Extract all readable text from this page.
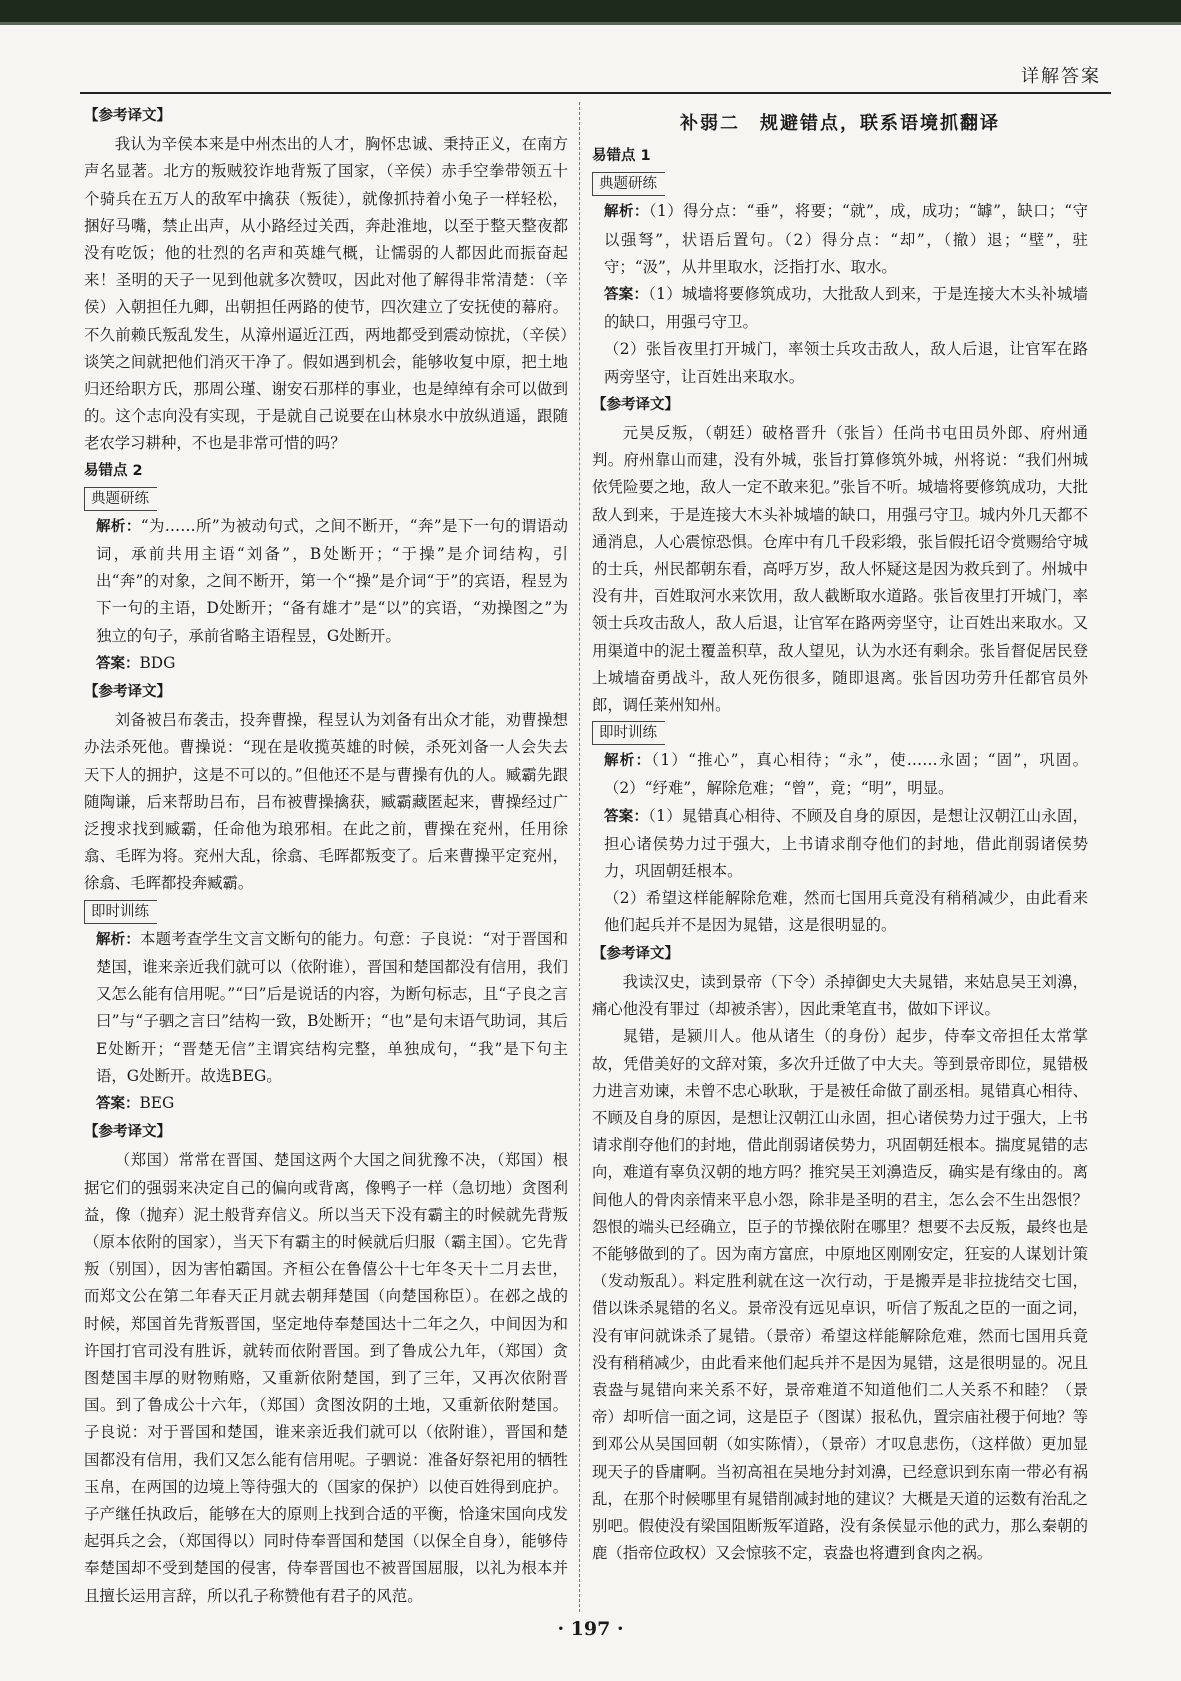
详解答案
【参考译文】

我认为辛侯本来是中州杰出的人才，胸怀忠诚、秉持正义，在南方声名显著。北方的叛贼狡诈地背叛了国家，（辛侯）赤手空拳带领五十个骑兵在五万人的敌军中擒获（叛徒），就像抓持着小兔子一样轻松，捆好马嘴，禁止出声，从小路经过关西，奔赴淮地，以至于整天整夜都没有吃饭；他的壮烈的名声和英雄气概，让懦弱的人都因此而振奋起来！圣明的天子一见到他就多次赞叹，因此对他了解得非常清楚：（辛侯）入朝担任九卿，出朝担任两路的使节，四次建立了安抚使的幕府。不久前赖氏叛乱发生，从漳州逼近江西，两地都受到震动惊扰，（辛侯）谈笑之间就把他们消灭干净了。假如遇到机会，能够收复中原，把土地归还给职方氏，那周公瑾、谢安石那样的事业，也是绰绰有余可以做到的。这个志向没有实现，于是就自己说要在山林泉水中放纵逍遥，跟随老农学习耕种，不也是非常可惜的吗？

易错点 2
典题研练

解析：“为……所”为被动句式，之间不断开，“奔”是下一句的谓语动词，承前共用主语“刘备”，B处断开；“于操”是介词结构，引出“奔”的对象，之间不断开，第一个“操”是介词“于”的宾语，程昱为下一句的主语，D处断开；“备有雄才”是“以”的宾语，“劝操图之”为独立的句子，承前省略主语程昱，G处断开。

答案：BDG

【参考译文】

刘备被吕布袭击，投奔曹操，程昱认为刘备有出众才能，劝曹操想办法杀死他。曹操说：“现在是收揽英雄的时候，杀死刘备一人会失去天下人的拥护，这是不可以的。”但他还不是与曹操有仇的人。臧霸先跟随陶谦，后来帮助吕布，吕布被曹操擒获，臧霸藏匿起来，曹操经过广泛搜求找到臧霸，任命他为琅邪相。在此之前，曹操在兖州，任用徐翕、毛晖为将。兖州大乱，徐翕、毛晖都叛变了。后来曹操平定兖州，徐翕、毛晖都投奔臧霸。

即时训练

解析：本题考查学生文言文断句的能力。句意：子良说：“对于晋国和楚国，谁来亲近我们就可以（依附谁），晋国和楚国都没有信用，我们又怎么能有信用呢。”“曰”后是说话的内容，为断句标志，且“子良之言曰”与“子驷之言曰”结构一致，B处断开；“也”是句末语气助词，其后E处断开；“晋楚无信”主谓宾结构完整，单独成句，“我”是下句主语，G处断开。故选BEG。

答案：BEG

【参考译文】

（郑国）常常在晋国、楚国这两个大国之间犹豫不决，（郑国）根据它们的强弱来决定自己的偏向或背离，像鸭子一样（急切地）贪图利益，像（抛弃）泥土般背弃信义。所以当天下没有霸主的时候就先背叛（原本依附的国家），当天下有霸主的时候就后归服（霸主国）。它先背叛（别国），因为害怕霸国。齐桓公在鲁僖公十七年冬天十二月去世，而郑文公在第二年春天正月就去朝拜楚国（向楚国称臣）。在邲之战的时候，郑国首先背叛晋国，坚定地侍奉楚国达十二年之久，中间因为和许国打官司没有胜诉，就转而依附晋国。到了鲁成公九年，（郑国）贪图楚国丰厚的财物贿赂，又重新依附楚国，到了三年，又再次依附晋国。到了鲁成公十六年，（郑国）贪图汝阴的土地，又重新依附楚国。子良说：对于晋国和楚国，谁来亲近我们就可以（依附谁），晋国和楚国都没有信用，我们又怎么能有信用呢。子驷说：准备好祭祀用的牺牲玉帛，在两国的边境上等待强大的（国家的保护）以使百姓得到庇护。子产继任执政后，能够在大的原则上找到合适的平衡，恰逢宋国向戌发起弭兵之会，（郑国得以）同时侍奉晋国和楚国（以保全自身），能够侍奉楚国却不受到楚国的侵害，侍奉晋国也不被晋国屈服，以礼为根本并且擅长运用言辞，所以孔子称赞他有君子的风范。

补弱二　规避错点，联系语境抓翻译
易错点 1
典题研练

解析：（1）得分点：“垂”，将要；“就”，成，成功；“罅”，缺口；“守以强弩”，状语后置句。（2）得分点：“却”，（撤）退；“壁”，驻守；“汲”，从井里取水，泛指打水、取水。

答案：（1）城墙将要修筑成功，大批敌人到来，于是连接大木头补城墙的缺口，用强弓守卫。

（2）张旨夜里打开城门，率领士兵攻击敌人，敌人后退，让官军在路两旁坚守，让百姓出来取水。

【参考译文】

元昊反叛，（朝廷）破格晋升（张旨）任尚书屯田员外郎、府州通判。府州靠山而建，没有外城，张旨打算修筑外城，州将说：“我们州城依凭险要之地，敌人一定不敢来犯。”张旨不听。城墙将要修筑成功，大批敌人到来，于是连接大木头补城墙的缺口，用强弓守卫。城内外几天都不通消息，人心震惊恐惧。仓库中有几千段彩缎，张旨假托诏令赏赐给守城的士兵，州民都朝东看，高呼万岁，敌人怀疑这是因为救兵到了。州城中没有井，百姓取河水来饮用，敌人截断取水道路。张旨夜里打开城门，率领士兵攻击敌人，敌人后退，让官军在路两旁坚守，让百姓出来取水。又用渠道中的泥土覆盖积草，敌人望见，认为水还有剩余。张旨督促居民登上城墙奋勇战斗，敌人死伤很多，随即退离。张旨因功劳升任都官员外郎，调任莱州知州。

即时训练

解析：（1）“推心”，真心相待；“永”，使……永固；“固”，巩固。（2）“纾难”，解除危难；“曾”，竟；“明”，明显。

答案：（1）晁错真心相待、不顾及自身的原因，是想让汉朝江山永固，担心诸侯势力过于强大，上书请求削夺他们的封地，借此削弱诸侯势力，巩固朝廷根本。

（2）希望这样能解除危难，然而七国用兵竟没有稍稍减少，由此看来他们起兵并不是因为晁错，这是很明显的。

【参考译文】

我读汉史，读到景帝（下令）杀掉御史大夫晁错，来姑息吴王刘濞，痛心他没有罪过（却被杀害），因此秉笔直书，做如下评议。

晁错，是颍川人。他从诸生（的身份）起步，侍奉文帝担任太常掌故，凭借美好的文辞对策，多次升迁做了中大夫。等到景帝即位，晁错极力进言劝谏，未曾不忠心耿耿，于是被任命做了副丞相。晁错真心相待、不顾及自身的原因，是想让汉朝江山永固，担心诸侯势力过于强大，上书请求削夺他们的封地，借此削弱诸侯势力，巩固朝廷根本。揣度晁错的志向，难道有辜负汉朝的地方吗？推究吴王刘濞造反，确实是有缘由的。离间他人的骨肉亲情来平息小怨，除非是圣明的君主，怎么会不生出怨恨？怨恨的端头已经确立，臣子的节操依附在哪里？想要不去反叛，最终也是不能够做到的了。因为南方富庶，中原地区刚刚安定，狂妄的人谋划计策（发动叛乱）。料定胜利就在这一次行动，于是搬弄是非拉拢结交七国，借以诛杀晁错的名义。景帝没有远见卓识，听信了叛乱之臣的一面之词，没有审问就诛杀了晁错。（景帝）希望这样能解除危难，然而七国用兵竟没有稍稍减少，由此看来他们起兵并不是因为晁错，这是很明显的。况且袁盎与晁错向来关系不好，景帝难道不知道他们二人关系不和睦？（景帝）却听信一面之词，这是臣子（图谋）报私仇，置宗庙社稷于何地？等到邓公从吴国回朝（如实陈情），（景帝）才叹息悲伤，（这样做）更加显现天子的昏庸啊。当初高祖在吴地分封刘濞，已经意识到东南一带必有祸乱，在那个时候哪里有晁错削减封地的建议？大概是天道的运数有治乱之别吧。假使没有梁国阻断叛军道路，没有条侯显示他的武力，那么秦朝的鹿（指帝位政权）又会惊骇不定，袁盎也将遭到食肉之祸。

· 197 ·
